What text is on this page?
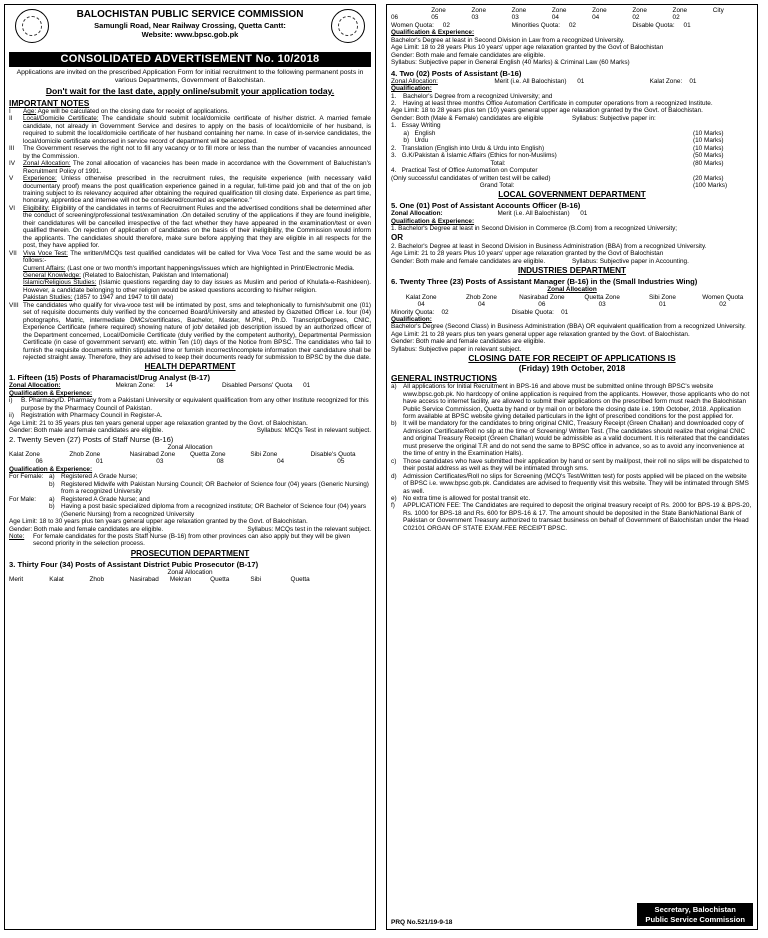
BALOCHISTAN PUBLIC SERVICE COMMISSION
Samungli Road, Near Railway Crossing, Quetta Cantt:
Website: www.bpsc.gob.pk
CONSOLIDATED ADVERTISEMENT No. 10/2018
Applications are invited on the prescribed Application Form for initial recruitment to the following permanent posts in various Departments, Government of Balochistan.
Don't wait for the last date, apply online/submit your application today.
IMPORTANT NOTES
I	Age: Age will be calculated on the closing date for receipt of applications.
II	Local/Domicile Certificate: The candidate should submit local/domicile certificate of his/her district. A married female candidate, not already in Government Service and desires to apply on the basis of local/domicile of her husband, is required to submit the local/domicile certificate of her husband containing her name. In case of in-service candidates, the local/domicile certificate endorsed in service record of department will be accepted.
III	The Government reserves the right not to fill any vacancy or to fill more or less than the number of vacancies announced by the Commission.
IV	Zonal Allocation: The zonal allocation of vacancies has been made in accordance with the Government of Baluchistan's Recruitment Policy of 1991.
V	Experience: Unless otherwise prescribed in the recruitment rules, the requisite experience (with necessary valid documentary proof) means the post qualification experience gained in a regular, full-time paid job and that of the on job training subject to its relevancy acquired after obtaining the required qualification till closing date. Experience as part time, honorary, apprentice and internee will not be considered/counted as experience."
VI	Eligibility: Eligibility of the candidates in terms of Recruitment Rules and the advertised conditions shall be determined after the conduct of screening/professional test/examination .On detailed scrutiny of the applications if they are found ineligible, their candidatures will be cancelled irrespective of the fact whether they have appeared in the examination/test or even qualified therein. On rejection of application of candidates on the basis of their ineligibility, the Commission would inform the applicants. The candidates should therefore, make sure before applying that they are eligible in all respects for the post, they have applied for.
VII Viva Voce Test: The written/MCQs test qualified candidates will be called for Viva Voce Test and the same would be as follows:-
Current Affairs: (Last one or two month's important happenings/issues which are highlighted in Print/Electronic Media.
General Knowledge: (Related to Balochistan, Pakistan and International)
Islamic/Religious Studies: (Islamic questions regarding day to day issues as Muslim and period of Khulafa-e-Rashideen). However, a candidate belonging to other religion would be asked questions according to his/her religion.
Pakistan Studies: (1857 to 1947 and 1947 to till date)
VIII The candidates who qualify for viva-voce test will be intimated by post, sms and telephonically to furnish/submit one (01) set of requisite documents duly verified by the concerned Board/University and attested by Gazetted Officer i.e. four (04) photographs, Matric, intermediate DMCs/certificates, Bachelor, Master, M.Phil., Ph.D. Transcript/Degrees, CNIC, Experience Certificate (where required) showing nature of job/ detailed job description issued by an authorized officer of the Department concerned, Local/Domicile Certificate (duly verified by the competent authority), Departmental Permission Certificate (in case of government servant) etc. within Ten (10) days of the Notice from BPSC. The candidates who fail to furnish the requisite documents within stipulated time or furnish incorrect/incomplete information their candidature shall be rejected straight away. Therefore, they are advised to keep their documents ready for submission to BPSC by the due date.
HEALTH DEPARTMENT
1. Fifteen (15) Posts of Pharamacist/Drug Analyst (B-17)
Zonal Allocation:	Mekran Zone: 14	Disabled Persons' Quota 01
Qualification & Experience:
i)	B. Pharmacy/D. Pharmacy from a Pakistani University or equivalent qualification from any other Institute recognized for this purpose by the Pharmacy Council of Pakistan.
ii)	Registration with Pharmacy Council in Register-A.
Age Limit: 21 to 35 years plus ten years general upper age relaxation granted by the Govt. of Balochistan.
Gender: Both male and female candidates are eligible.	Syllabus: MCQs Test in relevant subject.
2. Twenty Seven (27) Posts of Staff Nurse (B-16)
Zonal Allocation
Kalat Zone	Zhob Zone	Nasirabad Zone	Quetta Zone	Sibi Zone	Disable's Quota
06	01	03	08	04	05
Qualification & Experience:
For Female: a) Registered A Grade Nurse;
b) Registered Midwife with Pakistan Nursing Council; OR Bachelor of Science four (04) years (Generic Nursing) from a recognized University
For Male:	a) Registered A Grade Nurse; and
b) Having a post basic specialized diploma from a recognized institute; OR Bachelor of Science four (04) years (Generic Nursing) from a recognized University
Age Limit: 18 to 30 years plus ten years general upper age relaxation granted by the Govt. of Balochistan.
Gender: Both male and female candidates are eligible.	Syllabus: MCQs test in the relevant subject.
Note:	For female candidates for the posts Staff Nurse (B-16) from other provinces can also apply but they will be given second priority in the selection process.
PROSECUTION DEPARTMENT
3. Thirty Four (34) Posts of Assistant District Pubic Prosecutor (B-17)
Zonal Allocation
Merit	Kalat	Zhob	Nasirabad	Mekran	Quetta	Sibi	Quetta
Zone	Zone	Zone	Zone	Zone	Zone	Zone	City
06	05	03	03	04	04	02	02
Women Quota: 02	Minorities Quota: 02	Disable Quota: 01
Qualification & Experience:
Bachelor's Degree at least in Second Division in Law from a recognized University.
Age Limit: 18 to 28 years Plus 10 years' upper age relaxation granted by the Govt of Balochistan
Gender: Both male and female candidates are eligible.
Syllabus: Subjective paper in General English (40 Marks) & Criminal Law (60 Marks)
4. Two (02) Posts of Assistant (B-16)
Zonal Allocation:	Merit (i.e. All Balochistan) 01	Kalat Zone: 01
Qualification:
1.	Bachelor's Degree from a recognized University; and
2.	Having at least three months Office Automation Certificate in computer operations from a recognized Institute.
Age Limit: 18 to 28 years plus ten (10) years general upper age relaxation granted by the Govt. of Balochistan.
Gender: Both (Male & Female) candidates are eligible	Syllabus: Subjective paper in:
1.   Essay Writing
a)   English	(10 Marks)
b)   Urdu	(10 Marks)
2.   Translation (English into Urdu & Urdu into English)	(10 Marks)
3.   G.K/Pakistan & Islamic Affairs (Ethics for non-Muslims)	(50 Marks)
Total:	(80 Marks)
4.   Practical Test of Office Automation on Computer
(Only successful candidates of written test will be called)	(20 Marks)
Grand Total:	(100 Marks)
LOCAL GOVERNMENT DEPARTMENT
5. One (01) Post of Assistant Accounts Officer (B-16)
Zonal Allocation:	Merit (i.e. All Balochistan) 01
Qualification & Experience:
1. Bachelor's Degree at least in Second Division in Commerce (B.Com) from a recognized University;
OR
2. Bachelor's Degree at least in Second Division in Business Administration (BBA) from a recognized University.
Age Limit: 21 to 28 years Plus 10 years' upper age relaxation granted by the Govt of Balochistan
Gender: Both male and female candidates are eligible.	Syllabus: Subjective paper in Accounting.
INDUSTRIES DEPARTMENT
6. Twenty Three (23) Posts of Assistant Manager (B-16) in the (Small Industries Wing)
Zonal Allocation
Kalat Zone	Zhob Zone	Nasirabad Zone	Quetta Zone	Sibi Zone	Women Quota
04	04	06	03	01	02
Minority Quota: 02	Disable Quota: 01
Qualification:
Bachelor's Degree (Second Class) in Business Administration (BBA) OR equivalent qualification from a recognized University.
Age Limit: 21 to 28 years plus ten years general upper age relaxation granted by the Govt. of Balochistan.
Gender: Both male and female candidates are eligible.
Syllabus: Subjective paper in relevant subject.
CLOSING DATE FOR RECEIPT OF APPLICATIONS IS
(Friday) 19th October, 2018
GENERAL INSTRUCTIONS
a) All applications for Initial Recruitment in BPS-16 and above must be submitted online through BPSC's website www.bpsc.gob.pk. No hardcopy of online application is required from the applicants. However, those applicants who do not have access to internet facility, are allowed to submit their applications on the prescribed form must reach the Balochistan Public Service Commission, Quetta by hand or by mail on or before the closing date i.e. 19th October, 2018. Application form available at BPSC website giving detailed particulars in the light of prescribed conditions for the post applied for.
b) It will be mandatory for the candidates to bring original CNIC, Treasury Receipt (Green Challan) and downloaded copy of Admission Certificate/Roll no slip at the time of Screening/ Written Test. (The candidates should realize that original CNIC and original Treasury Receipt (Green Challan) would be admissible as a valid document. It is reiterated that the candidates must preserve the original T.R and do not send the same to BPSC office in advance, so as to avoid any inconvenience at the time of entry in the Examination Halls).
c)	Those candidates who have submitted their application by hand or sent by mail/post, their roll no slips will be dispatched to their postal address as well as they will be intimated through sms.
d) Admission Certificates/Roll no slips for Screening (MCQ's Test/Written test) for posts applied will be placed on the website of BPSC i.e. www.bpsc.gob.pk. Candidates are advised to frequently visit this website. They will be intimated through SMS as well.
e) No extra time is allowed for postal transit etc.
f)	APPLICATION FEE: The Candidates are required to deposit the original treasury receipt of Rs. 2000 for BPS-19 & BPS-20, Rs. 1000 for BPS-18 and Rs. 600 for BPS-16 & 17. The amount should be deposited in the State Bank/National Bank of Pakistan or Government Treasury authorized to transact business on behalf of Government of Balochistan under the Head C02101 ORGAN OF STATE EXAM.FEE RECEIPT BPSC.
PRQ No.521/19-9-18
Secretary, Balochistan
Public Service Commission
